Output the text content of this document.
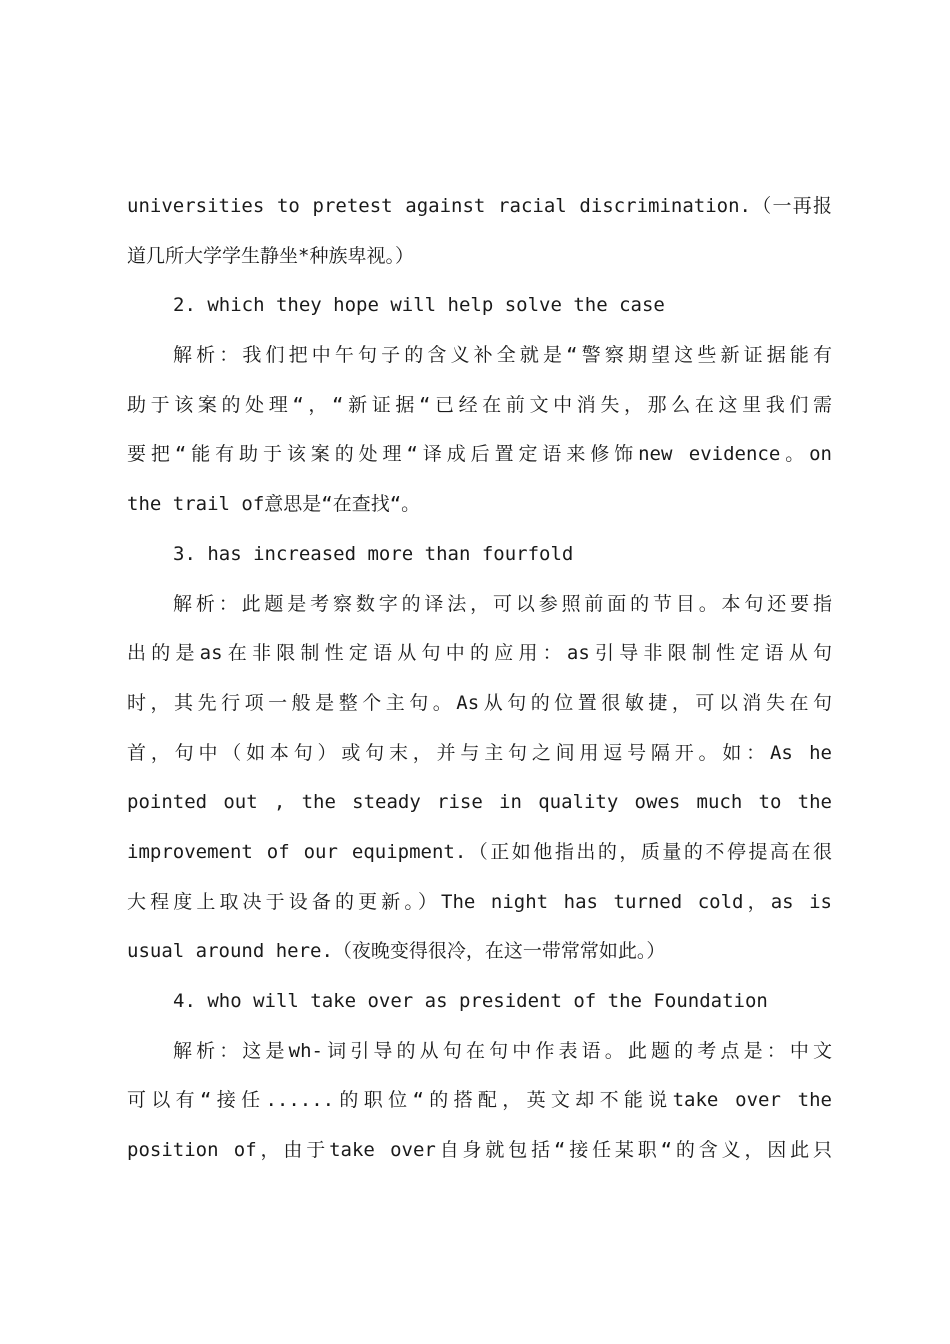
universities to pretest against racial discrimination.（一再报
道几所大学学生静坐*种族卑视。）
2. which they hope will help solve the case
解析：我们把中午句子的含义补全就是“警察期望这些新证据能有
助于该案的处理“，“新证据“已经在前文中消失，那么在这里我们需
要把“能有助于该案的处理“译成后置定语来修饰new evidence。on
the trail of意思是“在查找“。
3. has increased more than fourfold
解析：此题是考察数字的译法，可以参照前面的节目。本句还要指
出的是as在非限制性定语从句中的应用：as引导非限制性定语从句
时，其先行项一般是整个主句。As从句的位置很敏捷，可以消失在句
首，句中（如本句）或句末，并与主句之间用逗号隔开。如：As he
pointed out , the steady rise in quality owes much to the
improvement of our equipment.（正如他指出的，质量的不停提高在很
大程度上取决于设备的更新。）The night has turned cold，as is
usual around here.（夜晚变得很冷，在这一带常常如此。）
4. who will take over as president of the Foundation
解析：这是wh-词引导的从句在句中作表语。此题的考点是：中文
可以有“接任......的职位“的搭配，英文却不能说take over the
position of，由于take over自身就包括“接任某职“的含义，因此只
